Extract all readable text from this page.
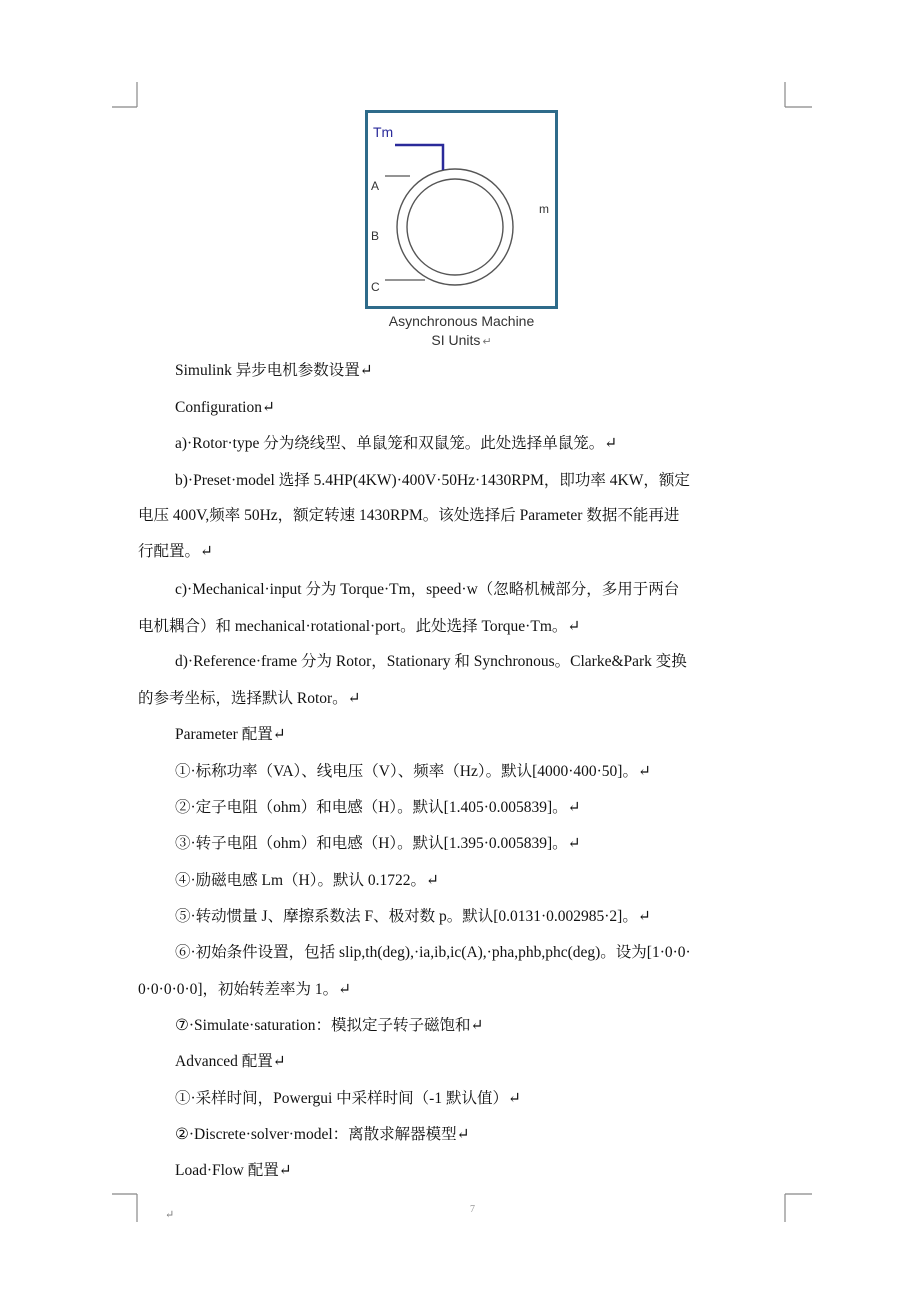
Tm
A
B
C
m
Asynchronous Machine
SI Units ↵
Simulink 异步电机参数设置↵
Configuration↵
a)·Rotor·type 分为绕线型、单鼠笼和双鼠笼。此处选择单鼠笼。↵
b)·Preset·model 选择 5.4HP(4KW)·400V·50Hz·1430RPM，即功率 4KW，额定
电压 400V,频率 50Hz，额定转速 1430RPM。该处选择后 Parameter 数据不能再进
行配置。↵
c)·Mechanical·input 分为 Torque·Tm，speed·w（忽略机械部分，多用于两台
电机耦合）和 mechanical·rotational·port。此处选择 Torque·Tm。↵
d)·Reference·frame 分为 Rotor，Stationary 和 Synchronous。Clarke&Park 变换
的参考坐标，选择默认 Rotor。↵
Parameter 配置↵
①·标称功率（VA）、线电压（V）、频率（Hz）。默认[4000·400·50]。↵
②·定子电阻（ohm）和电感（H）。默认[1.405·0.005839]。↵
③·转子电阻（ohm）和电感（H）。默认[1.395·0.005839]。↵
④·励磁电感 Lm（H）。默认 0.1722。↵
⑤·转动惯量 J、摩擦系数法 F、极对数 p。默认[0.0131·0.002985·2]。↵
⑥·初始条件设置，包括 slip,th(deg),·ia,ib,ic(A),·pha,phb,phc(deg)。设为[1·0·0·
0·0·0·0·0]，初始转差率为 1。↵
⑦·Simulate·saturation：模拟定子转子磁饱和↵
Advanced 配置↵
①·采样时间，Powergui 中采样时间（-1 默认值）↵
②·Discrete·solver·model：离散求解器模型↵
Load·Flow 配置↵
↵	7
